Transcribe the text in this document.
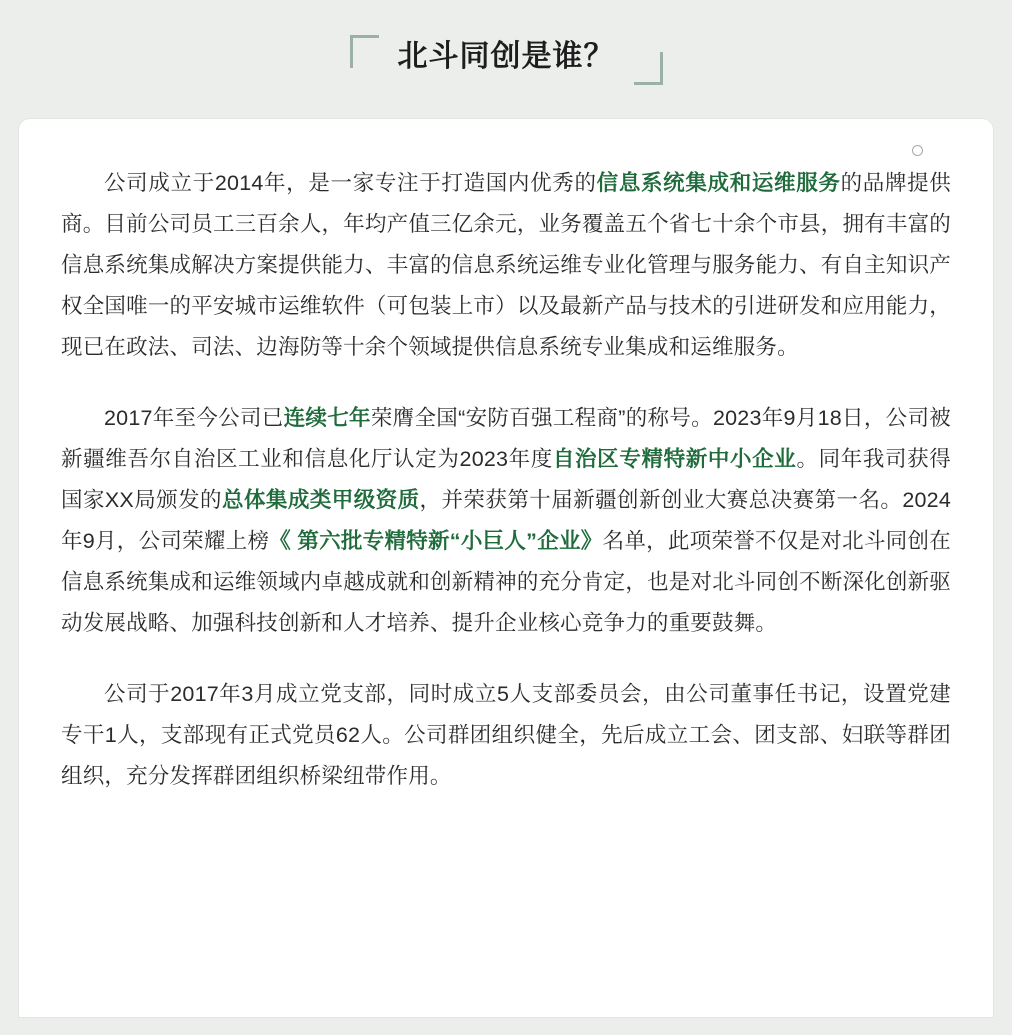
北斗同创是谁？
公司成立于2014年，是一家专注于打造国内优秀的信息系统集成和运维服务的品牌提供商。目前公司员工三百余人，年均产值三亿余元，业务覆盖五个省七十余个市县，拥有丰富的信息系统集成解决方案提供能力、丰富的信息系统运维专业化管理与服务能力、有自主知识产权全国唯一的平安城市运维软件（可包装上市）以及最新产品与技术的引进研发和应用能力，现已在政法、司法、边海防等十余个领域提供信息系统专业集成和运维服务。
2017年至今公司已连续七年荣膺全国“安防百强工程商”的称号。2023年9月18日，公司被新疆维吾尔自治区工业和信息化厅认定为2023年度自治区专精特新中小企业。同年我司获得国家XX局颁发的总体集成类甲级资质，并荣获第十届新疆创新创业大赛总决赛第一名。2024年9月，公司荣耀上榜《 第六批专精特新“小巨人”企业》名单，此项荣誉不仅是对北斗同创在信息系统集成和运维领域内卓越成就和创新精神的充分肯定，也是对北斗同创不断深化创新驱动发展战略、加强科技创新和人才培养、提升企业核心竞争力的重要鼓舞。
公司于2017年3月成立党支部，同时成立5人支部委员会，由公司董事任书记，设置党建专干1人，支部现有正式党员62人。公司群团组织健全，先后成立工会、团支部、妇联等群团组织，充分发挥群团组织桥梁纽带作用。
